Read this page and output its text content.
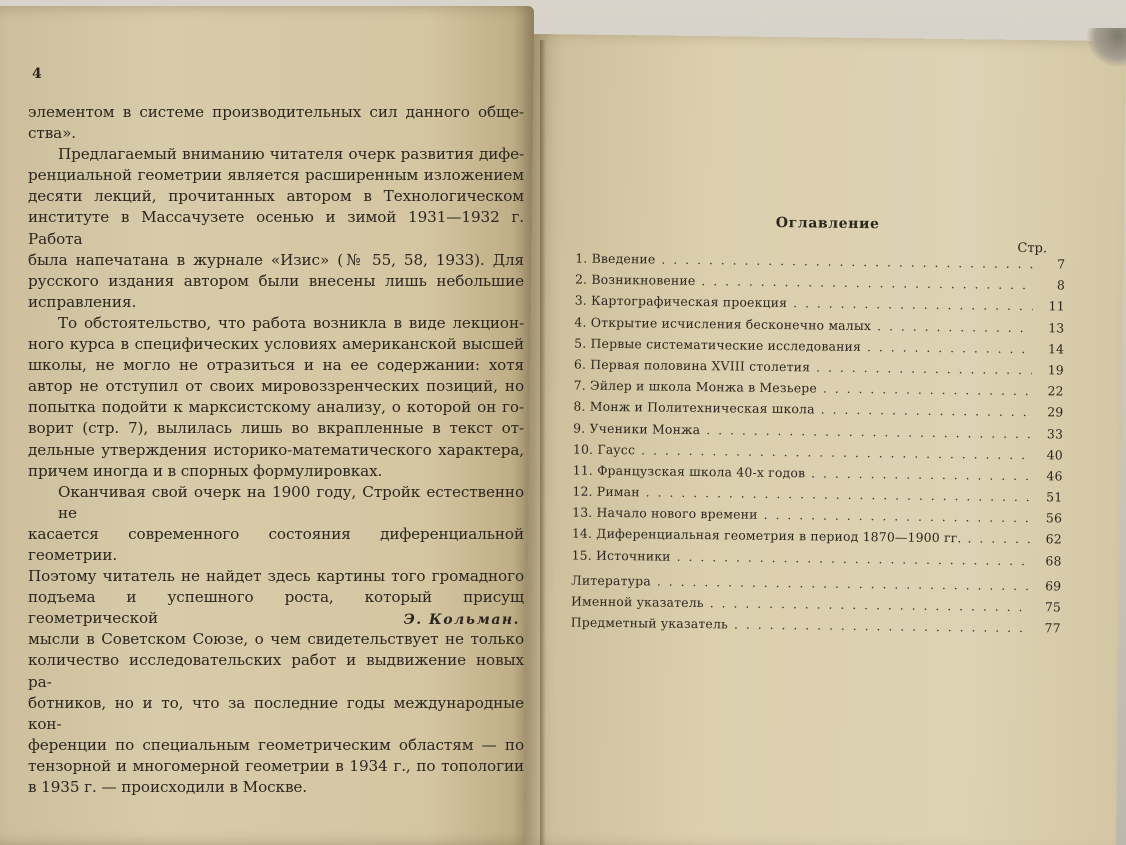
4
элементом в системе производительных сил данного обще-
ства».
Предлагаемый вниманию читателя очерк развития дифе-
ренциальной геометрии является расширенным изложением
десяти лекций, прочитанных автором в Технологическом
институте в Массачузете осенью и зимой 1931—1932 г. Работа
была напечатана в журнале «Изис» (№ 55, 58, 1933). Для
русского издания автором были внесены лишь небольшие
исправления.
То обстоятельство, что работа возникла в виде лекцион-
ного курса в специфических условиях американской высшей
школы, не могло не отразиться и на ее содержании: хотя
автор не отступил от своих мировоззренческих позиций, но
попытка подойти к марксистскому анализу, о которой он го-
ворит (стр. 7), вылилась лишь во вкрапленные в текст от-
дельные утверждения историко-математического характера,
причем иногда и в спорных формулировках.
Оканчивая свой очерк на 1900 году, Стройк естественно не
касается современного состояния диференциальной геометрии.
Поэтому читатель не найдет здесь картины того громадного
подъема и успешного роста, который присущ геометрической
мысли в Советском Союзе, о чем свидетельствует не только
количество исследовательских работ и выдвижение новых ра-
ботников, но и то, что за последние годы международные кон-
ференции по специальным геометрическим областям — по
тензорной и многомерной геометрии в 1934 г., по топологии
в 1935 г. — происходили в Москве.
Э. Кольман.
Оглавление
Стр.
1. Введение . . .	7
2. Возникновение . . .	8
3. Картографическая проекция . . .	11
4. Открытие исчисления бесконечно малых . . .	13
5. Первые систематические исследования . . .	14
6. Первая половина XVIII столетия . . .	19
7. Эйлер и школа Монжа в Мезьере . . .	22
8. Монж и Политехническая школа . . .	29
9. Ученики Монжа . . .	33
10. Гаусс . . .	40
11. Французская школа 40-х годов . . .	46
12. Риман . . .	51
13. Начало нового времени . . .	56
14. Диференциальная геометрия в период 1870—1900 гг. . . .	62
15. Источники . . .	68
Литература . . .	69
Именной указатель . . .	75
Предметный указатель . . .	77
